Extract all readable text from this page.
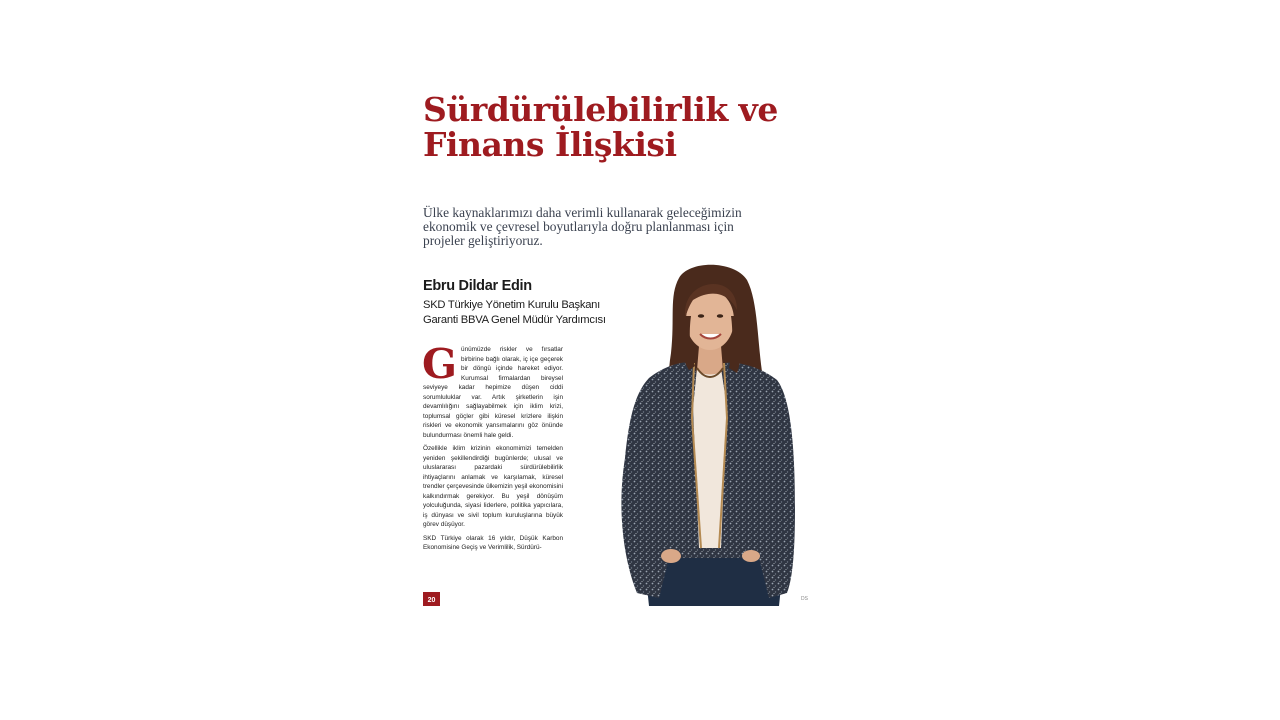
Sürdürülebilirlik ve
Finans İlişkisi

Ülke kaynaklarımızı daha verimli kullanarak geleceğimizin ekonomik ve çevresel boyutlarıyla doğru planlanması için projeler geliştiriyoruz.

Ebru Dildar Edin
SKD Türkiye Yönetim Kurulu Başkanı
Garanti BBVA Genel Müdür Yardımcısı

Günümüzde riskler ve fırsatlar birbirine bağlı olarak, iç içe geçerek bir döngü içinde hareket ediyor. Kurumsal firmalardan bireysel seviyeye kadar hepimize düşen ciddi sorumluluklar var. Artık şirketlerin işin devamlılığını sağlayabilmek için iklim krizi, toplumsal göçler gibi küresel krizlere ilişkin riskleri ve ekonomik yansımalarını göz önünde bulundurması önemli hale geldi.

Özellikle iklim krizinin ekonomimizi temelden yeniden şekillendirdiği bugünlerde; ulusal ve uluslararası pazardaki sürdürülebilirlik ihtiyaçlarını anlamak ve karşılamak, küresel trendler çerçevesinde ülkemizin yeşil ekonomisini kalkındırmak gerekiyor. Bu yeşil dönüşüm yolculuğunda, siyasi liderlere, politika yapıcılara, iş dünyası ve sivil toplum kuruluşlarına büyük görev düşüyor.

SKD Türkiye olarak 16 yıldır, Düşük Karbon Ekonomisine Geçiş ve Verimlilik, Sürdürü-

20	DS
